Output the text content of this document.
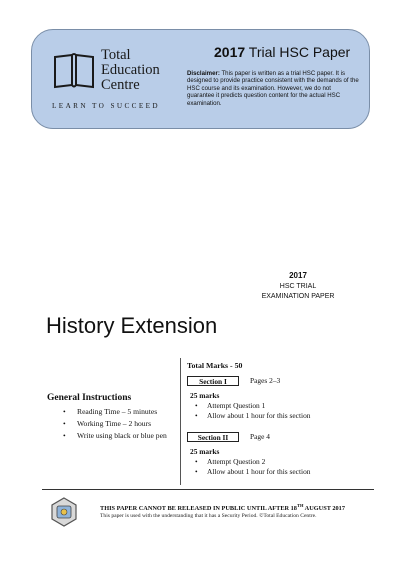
Total
Education
Centre
LEARN TO SUCCEED
2017 Trial HSC Paper
Disclaimer: This paper is written as a trial HSC paper. It is designed to provide practice consistent with the demands of the HSC course and its examination. However, we do not guarantee it predicts question content for the actual HSC examination.
2017
HSC TRIAL
EXAMINATION PAPER
History Extension
General Instructions
• Reading Time – 5 minutes
• Working Time – 2 hours
• Write using black or blue pen
Total Marks - 50
Section I	Pages 2–3
25 marks
• Attempt Question 1
• Allow about 1 hour for this section
Section II	Page 4
25 marks
• Attempt Question 2
• Allow about 1 hour for this section
THIS PAPER CANNOT BE RELEASED IN PUBLIC UNTIL AFTER 18TH AUGUST 2017
This paper is used with the understanding that it has a Security Period. ©Total Education Centre.
